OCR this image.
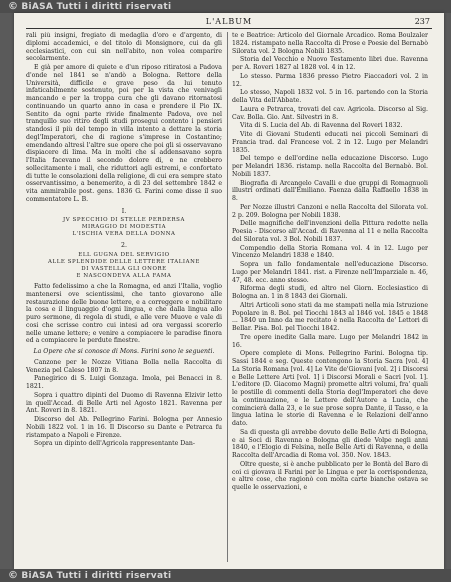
© BiASA Tutti i diritti riservati
L'ALBUM	237

rali più insigni, fregiato di medaglia d'oro e d'argento, di diplomi accademici, e del titolo di Monsignore, cui da gli ecclesiastici, con cui sin nell'abito, non volea comparire secolarmente.

E già per amore di quiete e d'un riposo ritiratosi a Padova d'onde nel 1841 se n'andò a Bologna. Rettore della Università, difficile e grave peso da lui tenuto infaticabilmente sostenuto, poi per la vista che venivagli mancando e per la troppa cura che gli davano ritornatosi continuando un quarto anno in casa e prendere il Pio IX. Sentito da ogni parte rivide finalmente Padova, ove nel tranquillo suo ritiro degli studi prosegui contento i pensieri standosi il più del tempo in villa intento a dettare la storia degl'Imperatori, che di ragione s'imprese in Costantino; emendando altresì l'altre sue opere che poi gli si osservavano dispiacere di lima. Ma in molti che si addensavano sopra l'Italia facevano il secondo dolore di, e ne crebbero sollecitamente i mali, che riduttori agli estremi, e confortato di tutte le consolazioni della religione, di cui era sempre stato osservantissimo, a benemerito, a di 23 del settembre 1842 e vita ammirabile post. gens. 1836 G. Farini come disse il suo commentatore L. B.

I.

JV SPECCHIO DI STELLE PERDERSA

MIRAGGIO DI MODESTIA

L'ISCHIA VERA DELLA DONNA

2.

ELL GUGNA DEL SERVIGIO

ALLE SPLENDIDE DELLE LETTERE ITALIANE

DI VASTELLA GLI ONORE

E NASCONDEVA ALLA FAMA

Fatto fedelissimo a che la Romagna, ed anzi l'Italia, voglio mantenersi ove scientissimi, che tanto giovarono alle restaurazione delle buone lettere, e a correggere e nobilitare la cosa e il linguaggio d'ogni lingua, e che dalla lingua allo puro sermone, di regola di studi, e alle vere Muove e vale di cosi che scrisse contro cui intesi ad ora vergassi scorerlo nelle umane lettere; e venire a compiacere le paradise finora ed a compiacere le perdute finestre.

La Opere che si conosce di Mons. Farini sono le seguenti.

Canzone per le Nozze Vitiana Bolla nella Raccolta di Venezia pel Caleso 1807 in 8.

Panegirico di S. Luigi Gonzaga. Imola, pei Benacci in 8. 1821.

Sopra i quattro dipinti del Duomo di Ravenna Elzivir letto in quell'Accad. di Belle Arti nel Agosto 1821. Ravenna per Ant. Roveri in 8. 1821.

Discorso del Ab. Pellegrino Farini. Bologna per Annesio Nobili 1822 vol. 1 in 16. Il Discorso su Dante e Petrarca fu ristampato a Napoli e Firenze.

Sopra un dipinto dell'Agricola rappresentante Dan-

te e Beatrice: Articolo del Giornale Arcadico. Roma Boulzaler 1824. ristampato nella Raccolta di Prose e Poesie del Bernabò Silorata vol. 2 Bologna Nobili 1835.

Storia del Vecchio e Nuovo Testamento libri due. Ravenna per A. Roveri 1827 al 1828 vol. 4 in 12.

Lo stesso. Parma 1836 presso Pietro Fiaccadori vol. 2 in 12.

Lo stesso, Napoli 1832 vol. 5 in 16. partendo con la Storia della Vita dell'Abbate.

Laura e Petrarca, trovati del cav. Agricola. Discorso al Sig. Cav. Bolla. Gio. Ant. Silvestri in 8.

Vita di S. Lucia del Ab. di Ravenna del Roveri 1832.

Vite di Giovani Studenti educati nei piccoli Seminari di Francia trad. dal Francese vol. 2 in 12. Lugo per Melandri 1835.

Del tempo e dell'ordine nella educazione Discorso. Lugo per Melandri 1836. ristamp. nella Raccolta del Bernabò. Bol. Nobili 1837.

Biografia di Arcangelo Cavalli e due gruppi di Romagnuoli illustri ordinati dall'Emiliano. Faenza dalla Raffaello 1838 in 8.

Per Nozze illustri Canzoni e nella Raccolta del Silorata vol. 2 p. 209. Bologna per Nobili 1838.

Delle magnifiche dell'invenzioni della Pittura redotte nella Poesia - Discorso all'Accad. di Ravenna al 11 e nella Raccolta del Silorata vol. 3 Bol. Nobili 1837.

Compendio della Storia Romana vol. 4 in 12. Lugo per Vincenzo Melandri 1838 e 1840.

Sopra un fallo fondamentale nell'educazione Discorso. Lugo per Melandri 1841. rist. a Firenze nell'Imparziale n. 46, 47, 48. ecc. anno stesso.

Riforma degli studi, ed altro nel Giorn. Ecclesiastico di Bologna an. 1 in 8 1843 dei Giornali.

Altri Articoli sono stati da me stampati nella mia Istruzione Popolare in 8. Bol. pel Tiocchi 1843 al 1846 vol. 1845 e 1848 ... 1840 un Inno da me recitato è nella Raccolta de' Lettori di Bellar. Pisa. Bol. pel Tiocchi 1842.

Tre opere inedite Galla mare. Lugo per Melandri 1842 in 16.

Opere complete di Mons. Pellegrino Farini. Bologna tip. Sassi 1844 e seg. Queste contengono la Storia Sacra [vol. 4] La Storia Romana [vol. 4] Le Vite de'Giovani [vol. 2] i Discorsi e Belle Lettere Arti [vol. 1] i Discorsi Morali e Sacri [vol. 1]. L'editore (D. Giacomo Magni) promette altri volumi, fra' quali le postille di commenti della Storia degl'Imperatori che deve la continuazione, e le Lettere dell'Autore a Lucia, che comincierà dalla 23, e le sue prose sopra Dante, il Tasso, e la lingua latina le storie di Ravenna e le Relazioni dell'anno dato.

Sa di questa gli avrebbe dovuto delle Belle Arti di Bologna, e ai Soci di Ravenna e Bologna gli diede Volpe negli anni 1840, e l'Elogio di Felsina, nelle Belle Arti di Ravenna, e della Raccolta dell'Arcadia di Roma vol. 350. Nov. 1843.

Oltre queste, si è anche pubblicato per le Bontà del Baro di coi ci giovava il Farini per le Lingua e per la corrispondenza, e altre cose, che ragionò con molta carte bianche ostava se quelle le osservazioni, e

© BiASA Tutti i diritti riservati
